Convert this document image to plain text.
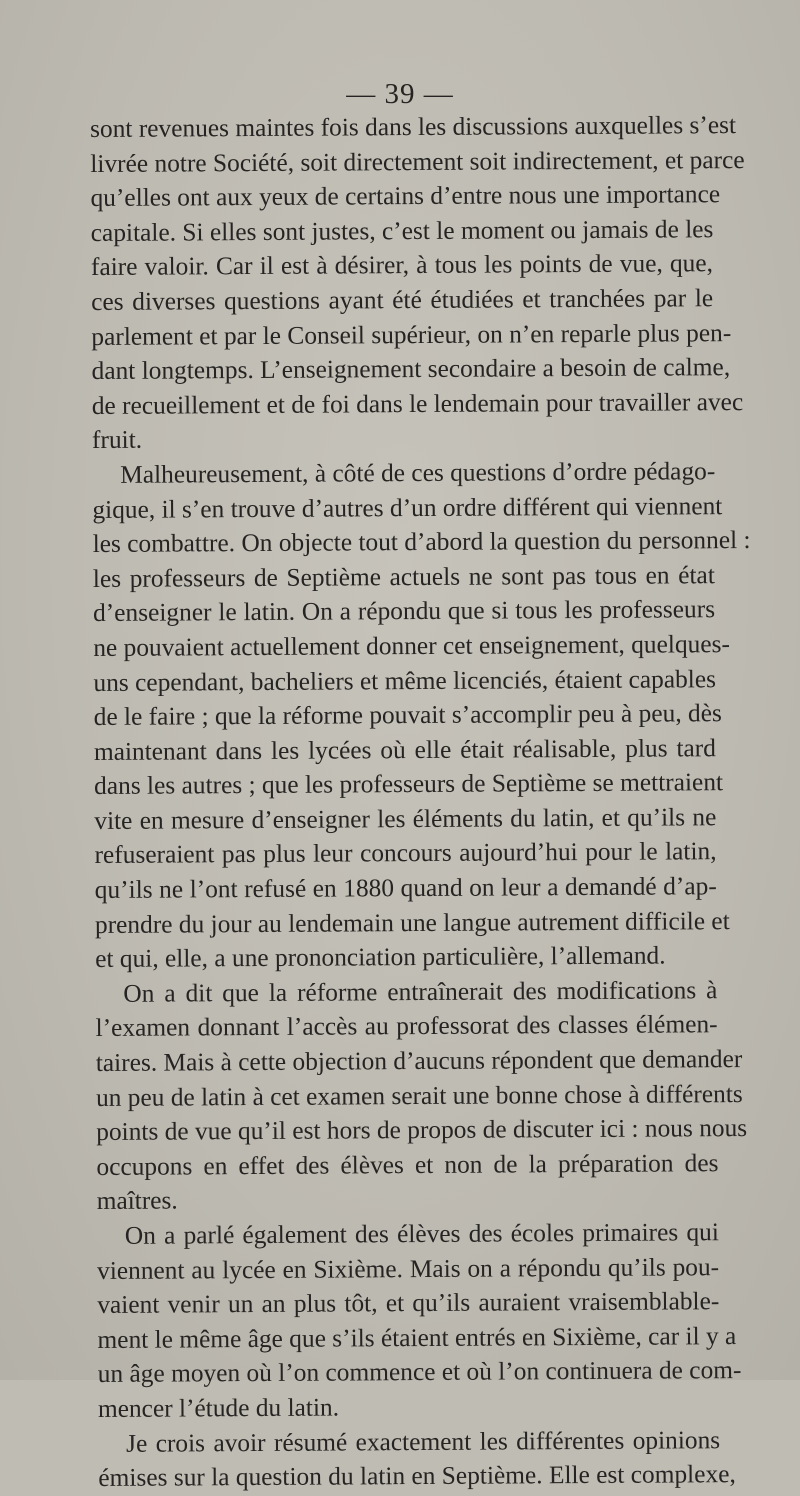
— 39 —
sont revenues maintes fois dans les discussions auxquelles s’est
livrée notre Société, soit directement soit indirectement, et parce
qu’elles ont aux yeux de certains d’entre nous une importance
capitale. Si elles sont justes, c’est le moment ou jamais de les
faire valoir. Car il est à désirer, à tous les points de vue, que,
ces diverses questions ayant été étudiées et tranchées par le
parlement et par le Conseil supérieur, on n’en reparle plus pen-
dant longtemps. L’enseignement secondaire a besoin de calme,
de recueillement et de foi dans le lendemain pour travailler avec
fruit.
Malheureusement, à côté de ces questions d’ordre pédago-
gique, il s’en trouve d’autres d’un ordre différent qui viennent
les combattre. On objecte tout d’abord la question du personnel :
les professeurs de Septième actuels ne sont pas tous en état
d’enseigner le latin. On a répondu que si tous les professeurs
ne pouvaient actuellement donner cet enseignement, quelques-
uns cependant, bacheliers et même licenciés, étaient capables
de le faire ; que la réforme pouvait s’accomplir peu à peu, dès
maintenant dans les lycées où elle était réalisable, plus tard
dans les autres ; que les professeurs de Septième se mettraient
vite en mesure d’enseigner les éléments du latin, et qu’ils ne
refuseraient pas plus leur concours aujourd’hui pour le latin,
qu’ils ne l’ont refusé en 1880 quand on leur a demandé d’ap-
prendre du jour au lendemain une langue autrement difficile et
et qui, elle, a une prononciation particulière, l’allemand.
On a dit que la réforme entraînerait des modifications à
l’examen donnant l’accès au professorat des classes élémen-
taires. Mais à cette objection d’aucuns répondent que demander
un peu de latin à cet examen serait une bonne chose à différents
points de vue qu’il est hors de propos de discuter ici : nous nous
occupons en effet des élèves et non de la préparation des
maîtres.
On a parlé également des élèves des écoles primaires qui
viennent au lycée en Sixième. Mais on a répondu qu’ils pou-
vaient venir un an plus tôt, et qu’ils auraient vraisemblable-
ment le même âge que s’ils étaient entrés en Sixième, car il y a
un âge moyen où l’on commence et où l’on continuera de com-
mencer l’étude du latin.
Je crois avoir résumé exactement les différentes opinions
émises sur la question du latin en Septième. Elle est complexe,
